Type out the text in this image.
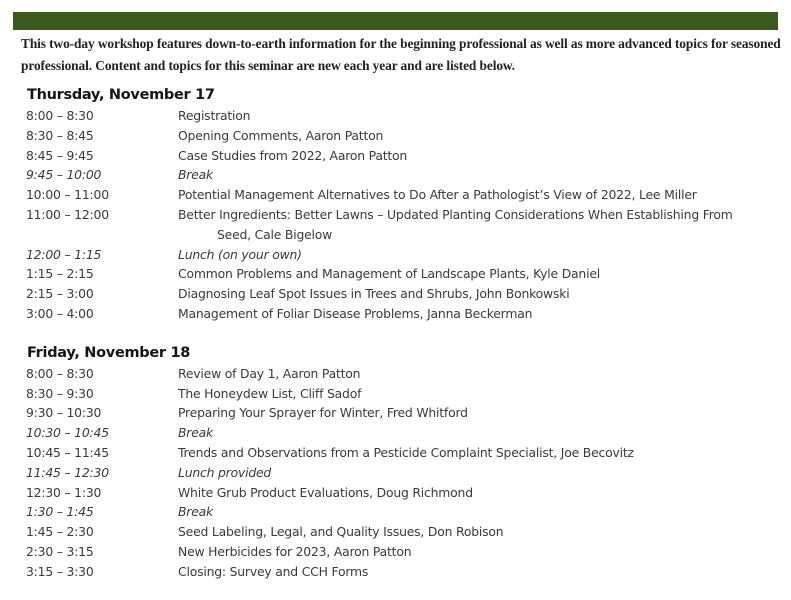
This two-day workshop features down-to-earth information for the beginning professional as well as more advanced topics for seasoned professional. Content and topics for this seminar are new each year and are listed below.
Thursday, November 17
8:00 – 8:30	Registration
8:30 – 8:45	Opening Comments, Aaron Patton
8:45 – 9:45	Case Studies from 2022, Aaron Patton
9:45 – 10:00	Break
10:00 – 11:00	Potential Management Alternatives to Do After a Pathologist’s View of 2022, Lee Miller
11:00 – 12:00	Better Ingredients: Better Lawns – Updated Planting Considerations When Establishing From
Seed, Cale Bigelow
12:00 – 1:15	Lunch (on your own)
1:15 – 2:15	Common Problems and Management of Landscape Plants, Kyle Daniel
2:15 – 3:00	Diagnosing Leaf Spot Issues in Trees and Shrubs, John Bonkowski
3:00 – 4:00	Management of Foliar Disease Problems, Janna Beckerman
Friday, November 18
8:00 – 8:30	Review of Day 1, Aaron Patton
8:30 – 9:30	The Honeydew List, Cliff Sadof
9:30 – 10:30	Preparing Your Sprayer for Winter, Fred Whitford
10:30 – 10:45	Break
10:45 – 11:45	Trends and Observations from a Pesticide Complaint Specialist, Joe Becovitz
11:45 – 12:30	Lunch provided
12:30 – 1:30	White Grub Product Evaluations, Doug Richmond
1:30 – 1:45	Break
1:45 – 2:30	Seed Labeling, Legal, and Quality Issues, Don Robison
2:30 – 3:15	New Herbicides for 2023, Aaron Patton
3:15 – 3:30	Closing: Survey and CCH Forms
